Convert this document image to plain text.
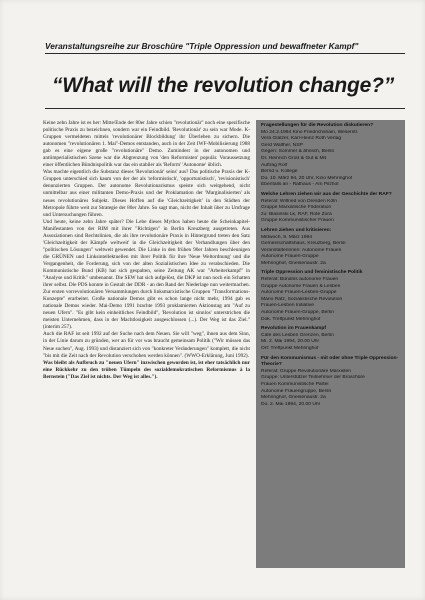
Veranstaltungsreihe zur Broschüre "Triple Oppression und bewaffneter Kampf"
“What will the revolution change?”

Keine zehn Jahre ist es her: Mitte/Ende der 80er Jahre schien "revolutionär" noch eine spezifische politische Praxis zu bezeichnen, sondern war ein Feindbild. 'Revolutionär' zu sein war Mode. K-Gruppen vermeldeten mittels 'revolutionärer Blockbildung' ihr Überleben zu sichern. Die autonomen "revolutionären 1. Mai"-Demos entstanden, auch in der Zeit IWF-Mobilisierung 1988 gab es eine eigene große "revolutionäre" Demo. Zumindest in der autonomen und antiimperialistischen Szene war die Abgrenzung von 'den Reformisten' populär. Voraussetzung einer öffentlichen Bündnispolitik war das ein stabiler als 'Reform' 'Autonome' üblich.

Was machte eigentlich die Substanz dieses 'Revolutionär' seins' aus? Das politische Praxis der K-Gruppen unterschied sich kaum von der der als 'reformistisch', 'opportunistisch', 'revisionistisch' denunzierten Gruppen. Der autonome Revolutionarismus speiste sich weitgehend, nicht unmittelbar aus einer militanten Demo-Praxis und der Proklamation der 'Marginalisierten' als neues revolutionäres Subjekt. Dieses Hoffen auf die 'Gleichzeitigkeit' in den Städten der Metropole führte weit zur Strategie der 80er Jahre. So sagt man, nicht der Inhalt über zu Umfrage und Untersuchungen führen.

Und heute, keine zehn Jahre später? Die Lebe dieses Mythos haben heute die Scheinkapitel-Manifestanten von der RIM mit ihrer "Richtigen" in Berlin Kreuzberg ausgetreten. Aus Assoziationen sind Rechtslinien, die als ihre revolutionäre Praxis in Hintergrund treten den Satz 'Gleichzeitigkeit der Kämpfe weltweit' in die Gleichzeitigkeit der Verhandlungen über den "politischen Lösungen" weltweit gewendet. Die Linke in den frühen 90er Jahren beschleunigen die GRÜNEN und Linksintellektuellen mit ihrer Politik für ihre 'Neue Weltordnung' und die Vergangenheit, die Forderung, sich von der alten Sozialistischen Idee zu verabschieden. Die Kommunistische Bund (KB) hat sich gespalten, seine Zeitung AK war "Arbeiterkampf" in "Analyse und Kritik" umbenannt. Die SEW hat sich aufgelöst, die DKP ist nun noch ein Schatten ihrer selbst. Die PDS konnte in Gestalt der DDR - an den Rand der Niederlage nun weitermachen. Zur ersten vorrevolutionären Versammlungen durch linksmarxistische Gruppen "Transformations-Konzepte" erarbeitet. Große nationale Demos gibt es schon lange nicht mehr, 1994 gab es nationale Demos wieder. Mai-Demo 1991 brachte 1993 proklamierten Aktionstag am "Auf zu neuen Ufern". "Es gibt kein einheitliches Feindbild", 'Revolution ist sinnlos' unterstrichen die meisten Unternehmen, dass in der Machtlosigkeit ausgeschlossen (...). Der Weg ist das Ziel." (interim 257).

Auch die RAF ist seit 1992 auf der Suche nach dem Neuen. Sie will "weg", ihnen aus dem Sinn, in der Linie darum zu gründen, wer an für vor was braucht gemeinsam Politik ("Wir müssen das Neue suchen", Aug. 1993) und distanziert sich von "konkreter Veränderungen" komplett, die nicht "bis mit die Zeit nach der Revolution verschoben werden können". (WWO-Erklärung, Juni 1992).

Was bleibt als Aufbruch zu "neuen Ufern" inzwischen geworden ist, ist eher tatsächlich nur eine Rückkehr zu den trüben Tümpeln des sozialdemokratischen Reformismus à la Bernstein ("Das Ziel ist nichts. Der Weg ist alles.").

Fragestellungen für die Revolution diskutieren?
Mo 24.2.1994 Kino Friedrichshain, Weserstr.
Vera Glatzer, Karl-Heinz Roth Verlag
Gerd Walther, NSP
Gegen: Sommer & ähnlich, Berlin
Dr. Heinrich Groß & Gut & Mit
Auftrag Rolf
Bernd u. Kollege
Do. 10. März 94, 20 Uhr, Kino Mehringhof
Ebenfalls an - Rathaus - Am Pilzhof
Welche Lehren ziehen wir aus der Geschichte der RAF?
Referat: Wilfried von Dresden Köln
Gruppe Marxistische Föderation
zu: Blasinski Lk, RAF, Rote Zora
Gruppe Kommunistischer Frauen
Lehren ziehen und kritisieren:
Mittwoch, 9. März 1994
Gemeinschaftshaus, Kreuzberg, Berlin
Veranstalterinnen: Autonome Frauen
Autonome Frauen-Gruppe
Mehringhof, Gneisenaustr. 2a
Triple Oppression und feministische Politik
Referat: Bündnis autonome Frauen
Gruppe Autonome Frauen & Lesben
Autonome Frauen-Lesben-Gruppe
Mario Ratz, Sozialistische Revolution
Frauen-Lesben Initiative
Autonome Frauen-Gruppe, Berlin
Dok. Treffpunkt Mehringhof
Revolution im Frauenkampf
Café des Lesben Grenzen, Berlin
Mi. 2. Mai 1994, 20.00 Uhr
Ort: Treffpunkt Mehringhof
Für den Kommunismus - mit oder ohne Triple Oppression-Theorie?
Referat: Gruppe Revolutionäre Marxisten
Gruppe: Unterstützer Teilnehmer der Broschüre
Frauen Kommunistische Partei
Autonome Frauengruppe, Berlin
Mehringhof, Gneisenaustr. 2a
Do. 2. Mai 1994, 20.00 Uhr
